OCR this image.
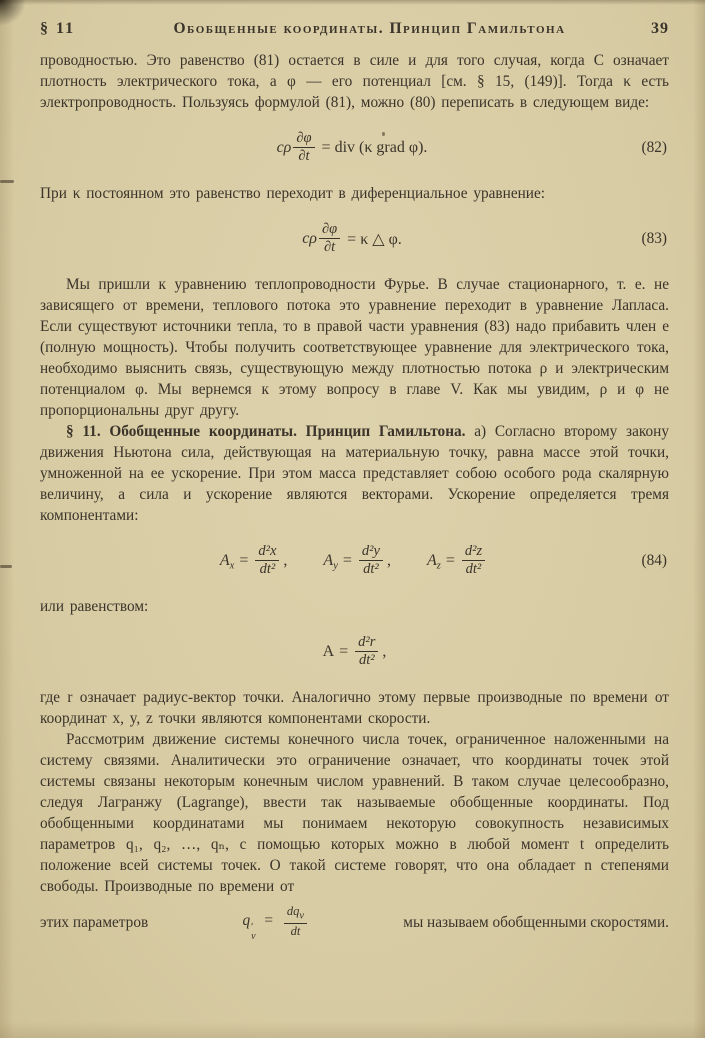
§ 11	Обобщенные координаты. Принцип Гамильтона	39

проводностью. Это равенство (81) остается в силе и для того случая, когда C означает плотность электрического тока, а φ — его потенциал [см. § 15, (149)]. Тогда κ есть электропроводность. Пользуясь формулой (81), можно (80) переписать в следующем виде:

cρ $\frac{\partial\varphi}{\partial t}$ = div (κ grad φ).	(82)

При κ постоянном это равенство переходит в диференциальное уравнение:

cρ $\frac{\partial\varphi}{\partial t} = \kappa$ △ φ.	(83)

Мы пришли к уравнению теплопроводности Фурье. В случае стационарного, т. е. не зависящего от времени, теплового потока это уравнение переходит в уравнение Лапласа. Если существуют источники тепла, то в правой части уравнения (83) надо прибавить член e (полную мощность). Чтобы получить соответствующее уравнение для электрического тока, необходимо выяснить связь, существующую между плотностью потока ρ и электрическим потенциалом φ. Мы вернемся к этому вопросу в главе V. Как мы увидим, ρ и φ не пропорциональны друг другу.

§ 11. Обобщенные координаты. Принцип Гамильтона. а) Согласно второму закону движения Ньютона сила, действующая на материальную точку, равна массе этой точки, умноженной на ее ускорение. При этом масса представляет собою особого рода скалярную величину, а сила и ускорение являются векторами. Ускорение определяется тремя компонентами:

$A_x = \frac{\text{d²x}}{\text{dt²}}$ , $A_y = \frac{\text{d²y}}{\text{dt²}}$ , $A_z = \frac{\text{d²z}}{\text{dt²}}$	(84)

или равенством:

$A = \frac{\text{d²r}}{\text{dt²}}$ ,

где r означает радиус-вектор точки. Аналогично этому первые производные по времени от координат x, y, z точки являются компонентами скорости.

Рассмотрим движение системы конечного числа точек, ограниченное наложенными на систему связями. Аналитически это ограничение означает, что координаты точек этой системы связаны некоторым конечным числом уравнений. В таком случае целесообразно, следуя Лагранжу (Lagrange), ввести так называемые обобщенные координаты. Под обобщенными координатами мы понимаем некоторую совокупность независимых параметров q₁, q₂, …, qₙ, с помощью которых можно в любой момент t определить положение всей системы точек. О такой системе говорят, что она обладает n степенями свободы. Производные по времени от

этих параметров	q ′
ν
= $\frac{dq_\nu}{dt}$	мы называем обобщенными скоростями.
